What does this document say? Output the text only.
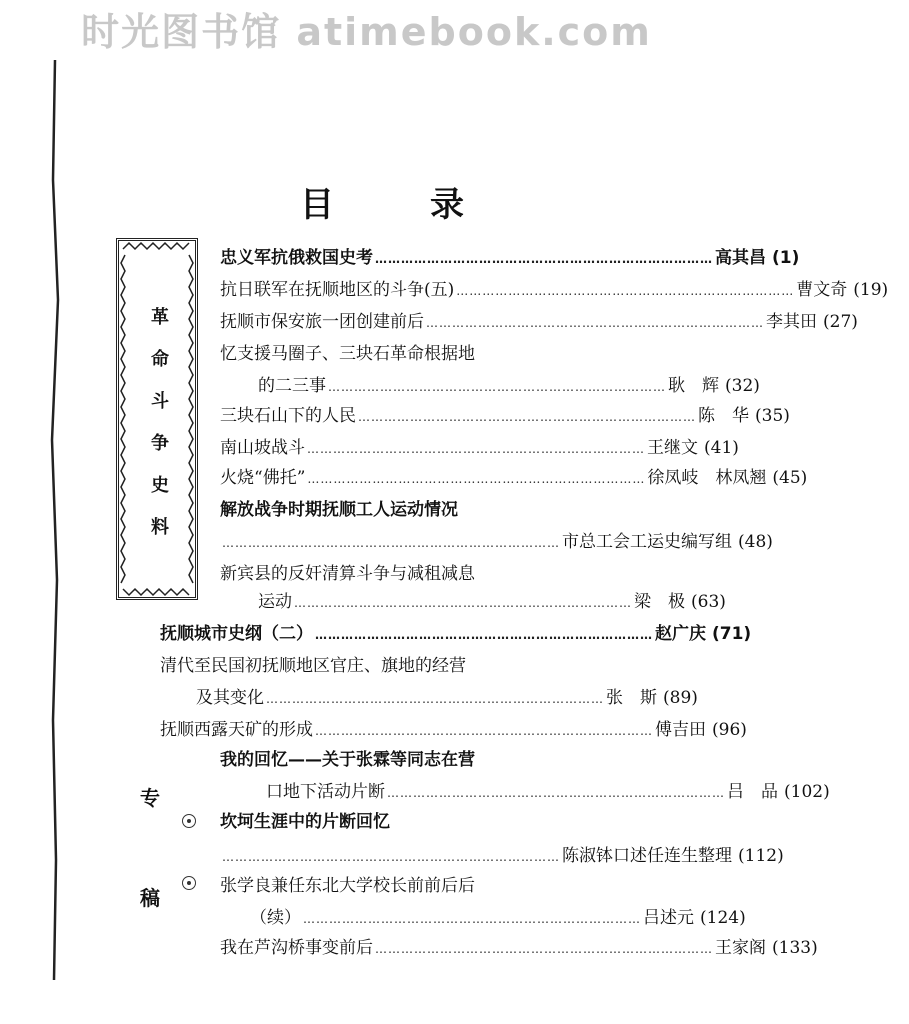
时光图书馆 atimebook.com
目	录
革
命
斗
争
史
料
专
稿
忠义军抗俄救国史考 …………………………………………………………………… 高其昌 (1)
抗日联军在抚顺地区的斗争(五) …………………………………………………………………… 曹文奇 (19)
抚顺市保安旅一团创建前后 …………………………………………………………………… 李其田 (27)
忆支援马圈子、三块石革命根据地
的二三事 …………………………………………………………………… 耿　辉 (32)
三块石山下的人民 …………………………………………………………………… 陈　华 (35)
南山坡战斗 …………………………………………………………………… 王继文 (41)
火烧“佛托” …………………………………………………………………… 徐凤岐　林凤翘 (45)
解放战争时期抚顺工人运动情况
…………………………………………………………………… 市总工会工运史编写组 (48)
新宾县的反奸清算斗争与减租减息
运动 …………………………………………………………………… 梁　极 (63)
抚顺城市史纲（二） …………………………………………………………………… 赵广庆 (71)
清代至民国初抚顺地区官庄、旗地的经营
及其变化 …………………………………………………………………… 张　斯 (89)
抚顺西露天矿的形成 …………………………………………………………………… 傅吉田 (96)
我的回忆——关于张霖等同志在营
口地下活动片断 …………………………………………………………………… 吕　品 (102)
坎坷生涯中的片断回忆
…………………………………………………………………… 陈淑钵口述任连生整理 (112)
张学良兼任东北大学校长前前后后
（续） …………………………………………………………………… 吕述元 (124)
我在芦沟桥事变前后 …………………………………………………………………… 王家阁 (133)
